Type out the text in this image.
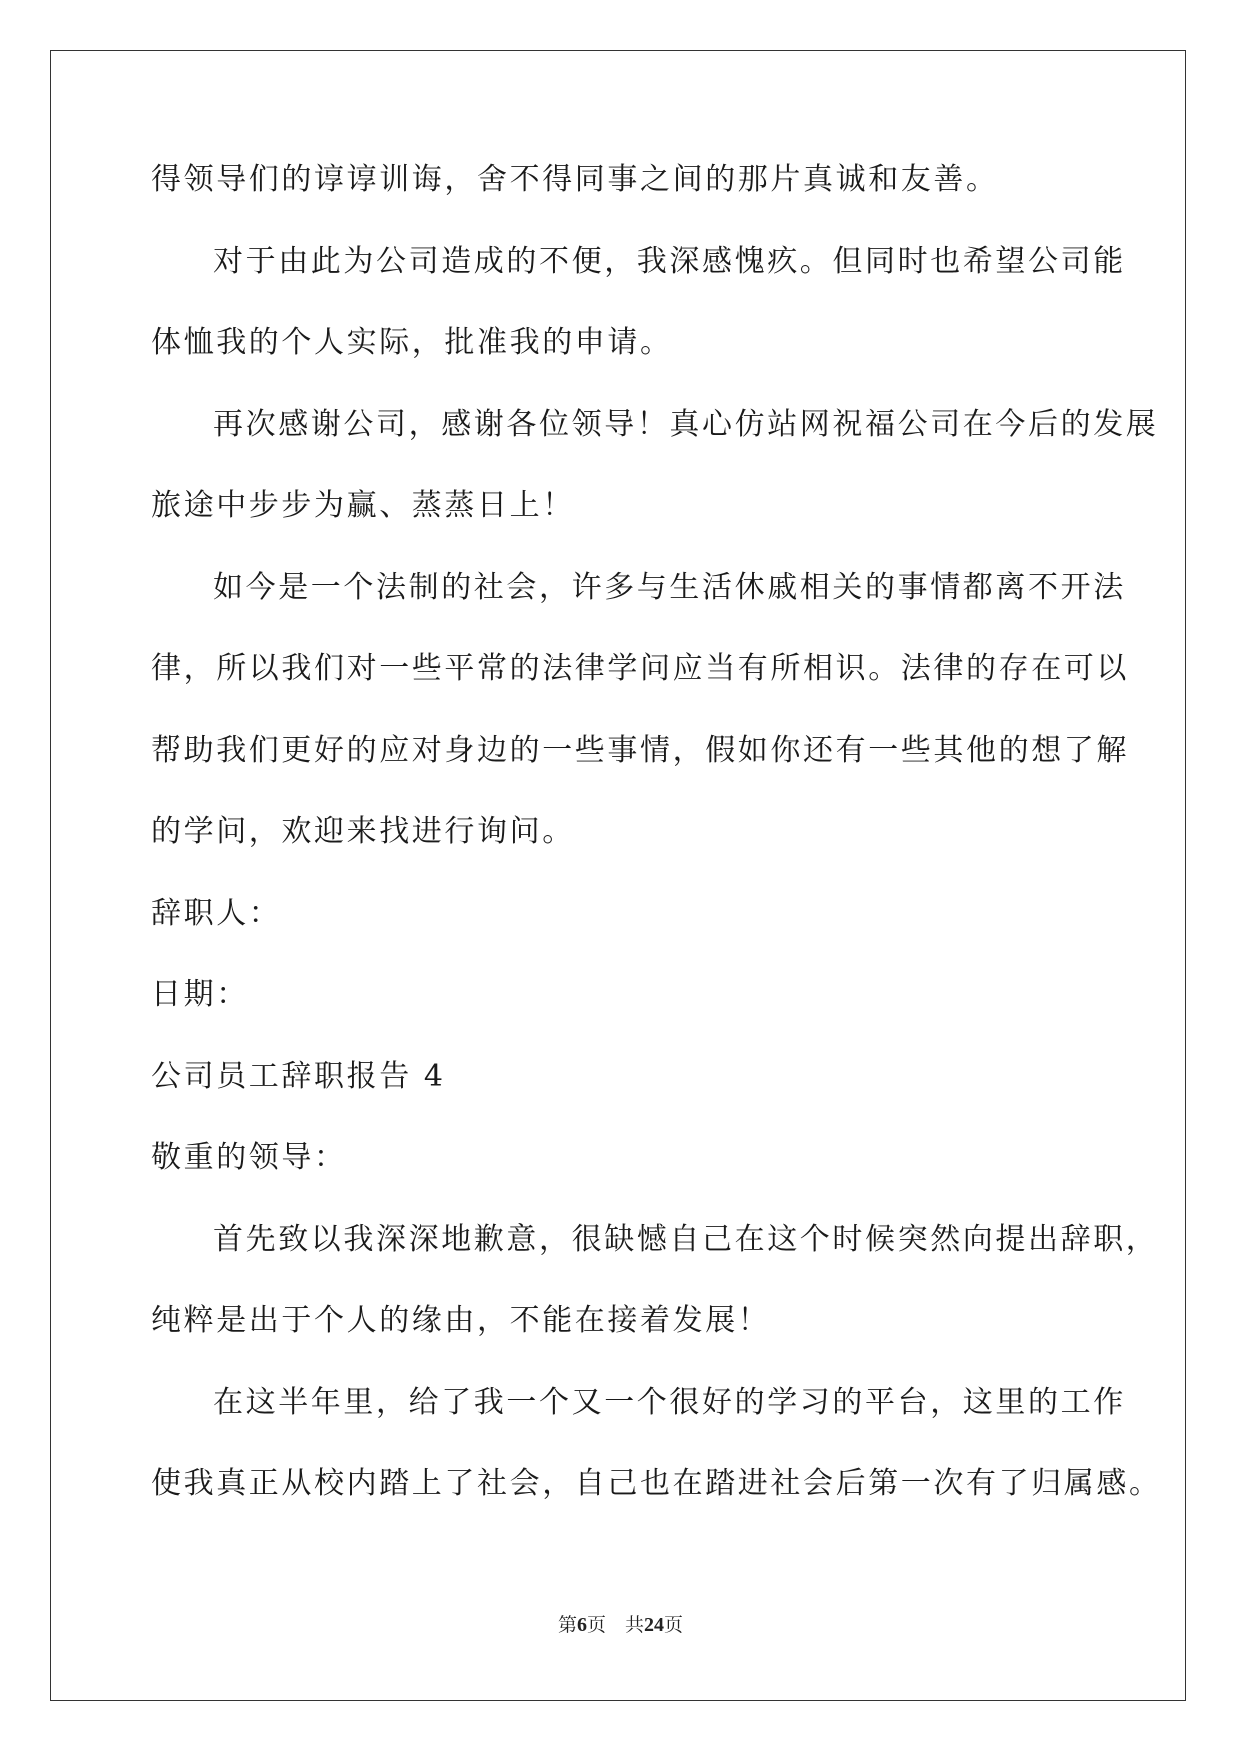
得领导们的谆谆训诲，舍不得同事之间的那片真诚和友善。
对于由此为公司造成的不便，我深感愧疚。但同时也希望公司能
体恤我的个人实际，批准我的申请。
再次感谢公司，感谢各位领导！真心仿站网祝福公司在今后的发展
旅途中步步为赢、蒸蒸日上！
如今是一个法制的社会，许多与生活休戚相关的事情都离不开法
律，所以我们对一些平常的法律学问应当有所相识。法律的存在可以
帮助我们更好的应对身边的一些事情，假如你还有一些其他的想了解
的学问，欢迎来找进行询问。
辞职人：
日期：
公司员工辞职报告 4
敬重的领导：
首先致以我深深地歉意，很缺憾自己在这个时候突然向提出辞职，
纯粹是出于个人的缘由，不能在接着发展！
在这半年里，给了我一个又一个很好的学习的平台，这里的工作
使我真正从校内踏上了社会，自己也在踏进社会后第一次有了归属感。
第6页　共24页
